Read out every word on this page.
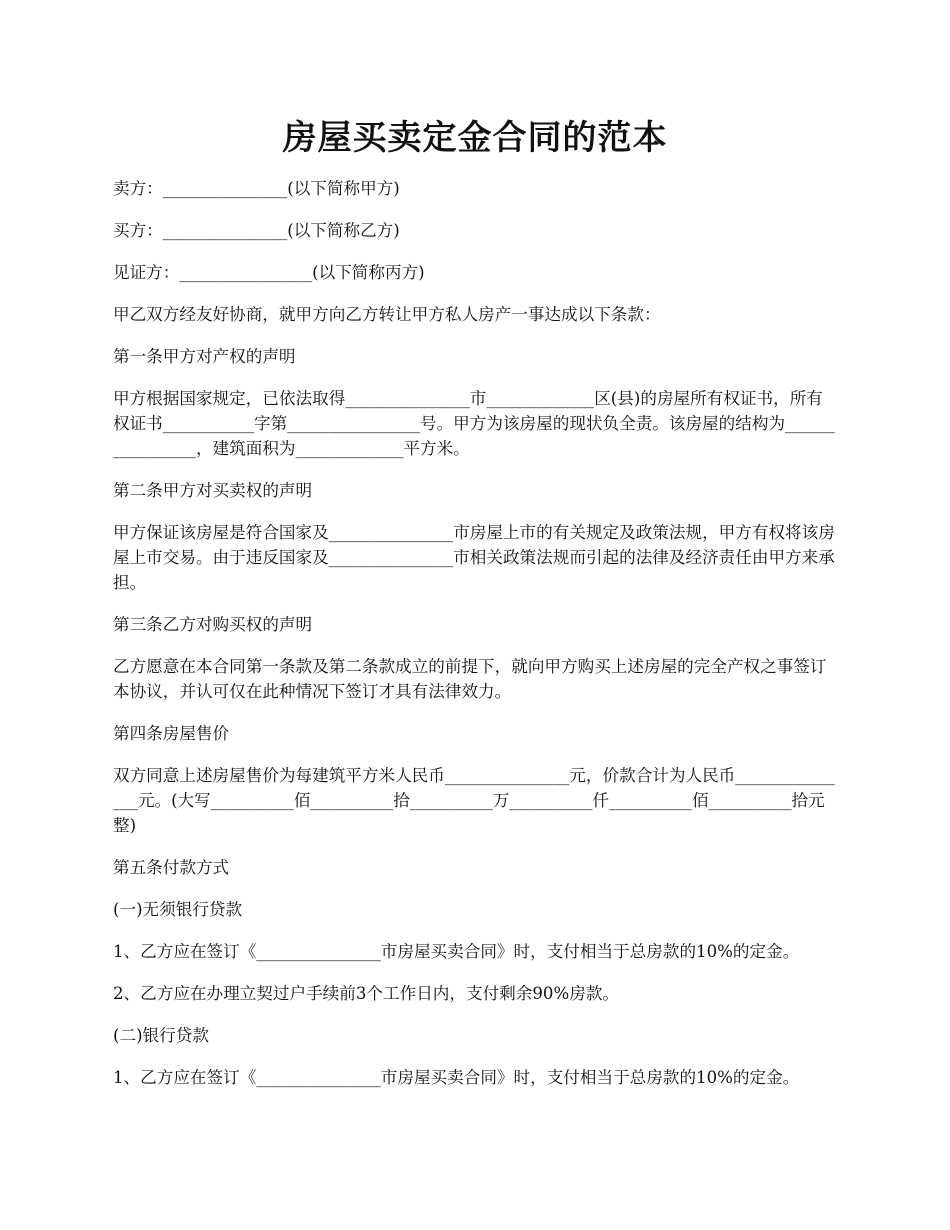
房屋买卖定金合同的范本

卖方：_______________(以下简称甲方)

买方：_______________(以下简称乙方)

见证方：________________(以下简称丙方)

甲乙双方经友好协商，就甲方向乙方转让甲方私人房产一事达成以下条款：

第一条甲方对产权的声明

甲方根据国家规定，已依法取得_______________市_____________区(县)的房屋所有权证书，所有权证书___________字第________________号。甲方为该房屋的现状负全责。该房屋的结构为________________，建筑面积为_____________平方米。

第二条甲方对买卖权的声明

甲方保证该房屋是符合国家及_______________市房屋上市的有关规定及政策法规，甲方有权将该房屋上市交易。由于违反国家及_______________市相关政策法规而引起的法律及经济责任由甲方来承担。

第三条乙方对购买权的声明

乙方愿意在本合同第一条款及第二条款成立的前提下，就向甲方购买上述房屋的完全产权之事签订本协议，并认可仅在此种情况下签订才具有法律效力。

第四条房屋售价

双方同意上述房屋售价为每建筑平方米人民币_______________元，价款合计为人民币_______________元。(大写__________佰__________拾__________万__________仟__________佰__________拾元整)

第五条付款方式

(一)无须银行贷款

1、乙方应在签订《_______________市房屋买卖合同》时，支付相当于总房款的10%的定金。

2、乙方应在办理立契过户手续前3个工作日内，支付剩余90%房款。

(二)银行贷款

1、乙方应在签订《_______________市房屋买卖合同》时，支付相当于总房款的10%的定金。
